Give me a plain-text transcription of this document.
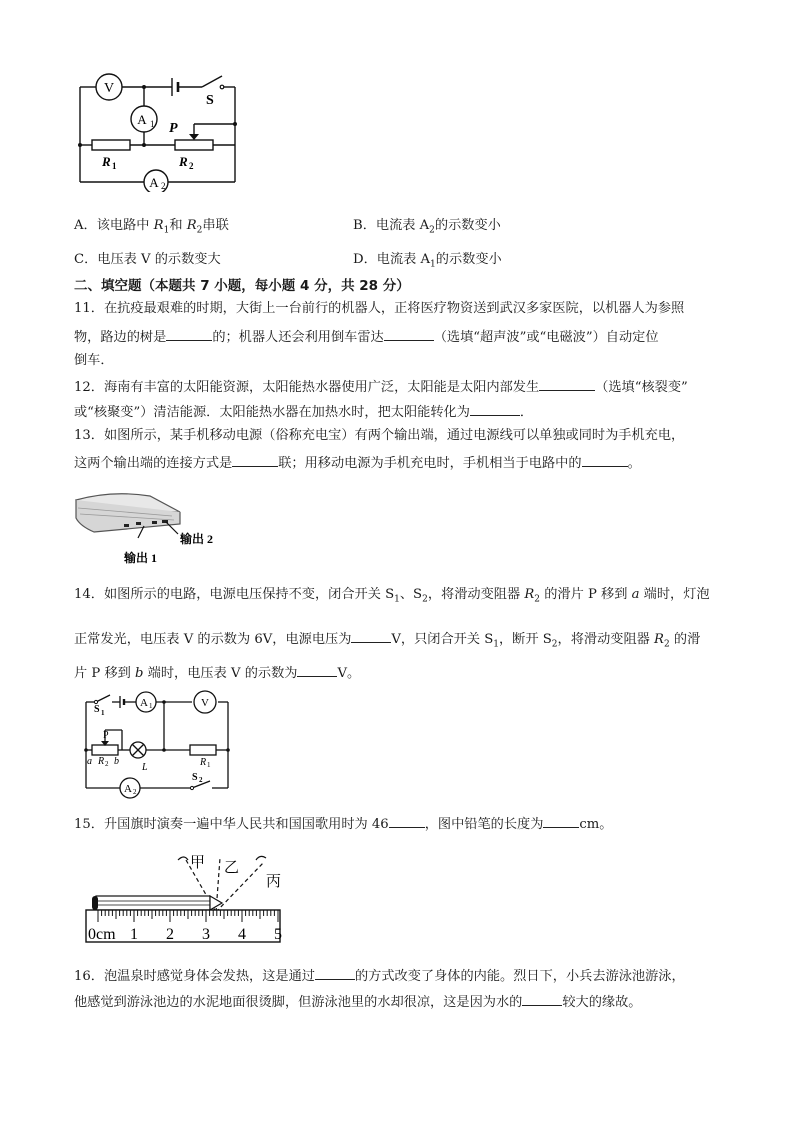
V
S
A 1 P
R 1	R 2
A 2
A．该电路中 $R_1$和 $R_2$串联	B．电流表 $A_2$的示数变小
C．电压表 V 的示数变大	D．电流表 $A_1$的示数变小
二、填空题（本题共 7 小题，每小题 4 分，共 28 分）
11．在抗疫最艰难的时期，大街上一台前行的机器人，正将医疗物资送到武汉多家医院，以机器人为参照
物，路边的树是	的；机器人还会利用倒车雷达	（选填“超声波”或“电磁波”）自动定位
倒车．
12．海南有丰富的太阳能资源，太阳能热水器使用广泛，太阳能是太阳内部发生	（选填“核裂变”
或“核聚变”）清洁能源．太阳能热水器在加热水时，把太阳能转化为	．
13．如图所示，某手机移动电源（俗称充电宝）有两个输出端，通过电源线可以单独或同时为手机充电，
这两个输出端的连接方式是	联；用移动电源为手机充电时，手机相当于电路中的	。
输出 1
输出 2
14．如图所示的电路，电源电压保持不变，闭合开关 $S_1$、$S_2$，将滑动变阻器 $R_2$ 的滑片 P 移到 a 端时，灯泡
正常发光，电压表 V 的示数为 6V，电源电压为	V，只闭合开关 $S_1$，断开 $S_2$，将滑动变阻器 $R_2$ 的滑
片 P 移到 b 端时，电压表 V 的示数为	V。
A 1	V
A 2
S 1
P
a R 2 b
L	R 1
S 2
15．升国旗时演奏一遍中华人民共和国国歌用时为 46	，图中铅笔的长度为	cm。
甲 乙
丙
0cm 1 2 3 4 5
16．泡温泉时感觉身体会发热，这是通过	的方式改变了身体的内能。烈日下，小兵去游泳池游泳，
他感觉到游泳池边的水泥地面很烫脚，但游泳池里的水却很凉，这是因为水的	较大的缘故。
